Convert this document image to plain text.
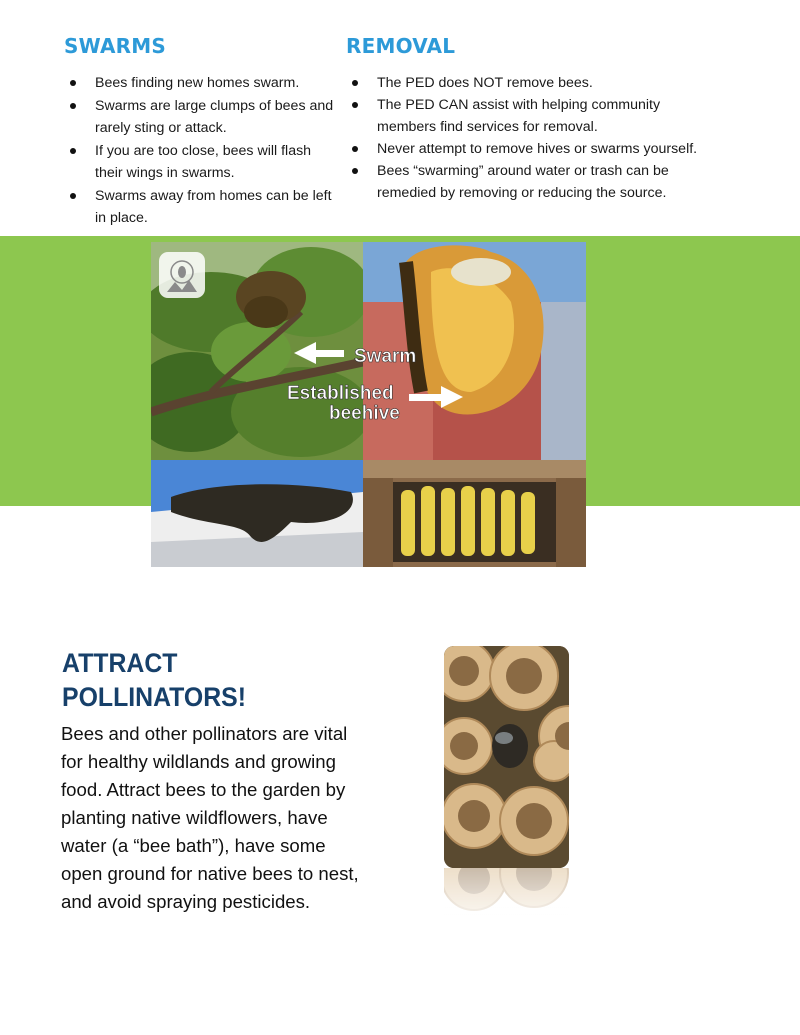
SWARMS
Bees finding new homes swarm.
Swarms are large clumps of bees and rarely sting or attack.
If you are too close, bees will flash their wings in swarms.
Swarms away from homes can be left in place.
REMOVAL
The PED does NOT remove bees.
The PED CAN assist with helping community members find services for removal.
Never attempt to remove hives or swarms yourself.
Bees “swarming” around water or trash can be remedied by removing or reducing the source.
Swarm
Established
beehive
ATTRACT
POLLINATORS!

Bees and other pollinators are vital for healthy wildlands and growing food. Attract bees to the garden by planting native wildflowers, have water (a “bee bath”), have some open ground for native bees to nest, and avoid spraying pesticides.
